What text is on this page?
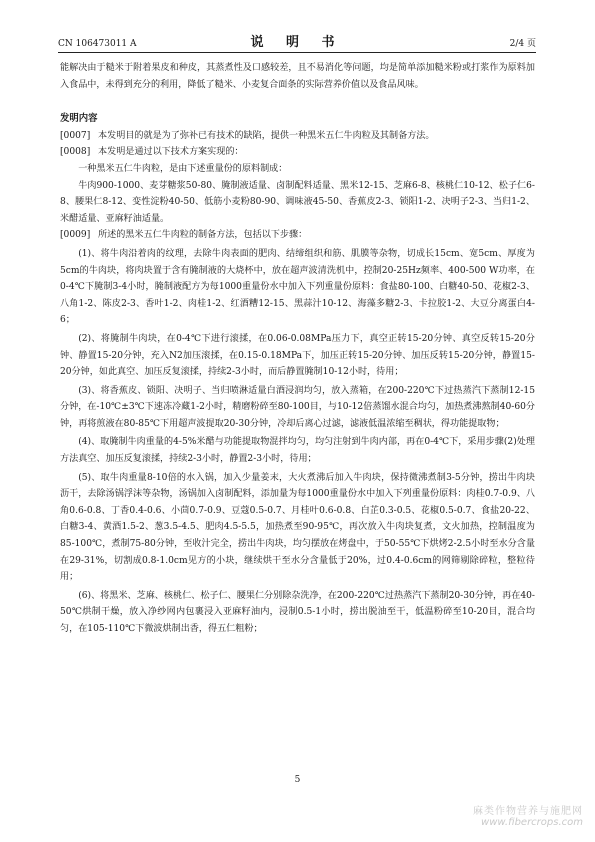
CN 106473011 A	说 明 书	2/4 页

能解决由于糙米于附着果皮和种皮，其蒸煮性及口感较差，且不易消化等问题，均是简单添加糙米粉或打浆作为原料加入食品中，未得到充分的利用，降低了糙米、小麦复合面条的实际营养价值以及食品风味。

发明内容

[0007] 本发明目的就是为了弥补已有技术的缺陷，提供一种黑米五仁牛肉粒及其制备方法。

[0008] 本发明是通过以下技术方案实现的：

一种黑米五仁牛肉粒，是由下述重量份的原料制成：

牛肉900-1000、麦芽糖浆50-80、腌制液适量、卤制配料适量、黑米12-15、芝麻6-8、核桃仁10-12、松子仁6-8、腰果仁8-12、变性淀粉40-50、低筋小麦粉80-90、调味液45-50、香蕉皮2-3、锁阳1-2、决明子2-3、当归1-2、米醋适量、亚麻籽油适量。

[0009] 所述的黑米五仁牛肉粒的制备方法，包括以下步骤：

(1)、将牛肉沿着肉的纹理，去除牛肉表面的肥肉、结缔组织和筋、肌膜等杂物，切成长15cm、宽5cm、厚度为5cm的牛肉块，将肉块置于含有腌制液的大烧杯中，放在超声波清洗机中，控制20-25Hz频率、400-500 W功率，在0-4℃下腌制3-4小时，腌制液配方为每1000重量份水中加入下列重量份原料：食盐80-100、白糖40-50、花椒2-3、八角1-2、陈皮2-3、香叶1-2、肉桂1-2、红酒糟12-15、黑蒜汁10-12、海藻多糖2-3、卡拉胶1-2、大豆分离蛋白4-6；

(2)、将腌制牛肉块，在0-4℃下进行滚揉，在0.06-0.08MPa压力下，真空正转15-20分钟、真空反转15-20分钟、静置15-20分钟，充入N2加压滚揉，在0.15-0.18MPa下，加压正转15-20分钟、加压反转15-20分钟，静置15-20分钟，如此真空、加压反复滚揉，持续2-3小时，而后静置腌制10-12小时，待用；

(3)、将香蕉皮、锁阳、决明子、当归喷淋适量白酒浸润均匀，放入蒸箱，在200-220℃下过热蒸汽下蒸制12-15分钟，在-10℃±3℃下速冻冷藏1-2小时，精磨粉碎至80-100目，与10-12倍蒸馏水混合均匀，加热煮沸熬制40-60分钟，再将煎液在80-85℃下用超声波提取20-30分钟，冷却后离心过滤，滤液低温浓缩至稠状，得功能提取物；

(4)、取腌制牛肉重量的4-5%米醋与功能提取物混拌均匀，均匀注射到牛肉内部，再在0-4℃下，采用步骤(2)处理方法真空、加压反复滚揉，持续2-3小时，静置2-3小时，待用；

(5)、取牛肉重量8-10倍的水入锅，加入少量姜末，大火煮沸后加入牛肉块，保持微沸煮制3-5分钟，捞出牛肉块沥干，去除汤锅浮沫等杂物，汤锅加入卤制配料，添加量为每1000重量份水中加入下列重量份原料：肉桂0.7-0.9、八角0.6-0.8、丁香0.4-0.6、小茴0.7-0.9、豆蔻0.5-0.7、月桂叶0.6-0.8、白芷0.3-0.5、花椒0.5-0.7、食盐20-22、白糖3-4、黄酒1.5-2、葱3.5-4.5、肥肉4.5-5.5，加热煮至90-95℃，再次放入牛肉块复煮，文火加热，控制温度为85-100℃，煮制75-80分钟，至收汁完全，捞出牛肉块，均匀摆放在烤盘中，于50-55℃下烘烤2-2.5小时至水分含量在29-31%，切割成0.8-1.0cm见方的小块，继续烘干至水分含量低于20%，过0.4-0.6cm的网筛剔除碎粒，整粒待用；

(6)、将黑米、芝麻、核桃仁、松子仁、腰果仁分别除杂洗净，在200-220℃过热蒸汽下蒸制20-30分钟，再在40-50℃烘制干燥，放入净纱网内包裹浸入亚麻籽油内，浸制0.5-1小时，捞出脱油至干，低温粉碎至10-20目，混合均匀，在105-110℃下微波烘制出香，得五仁粗粉；

5
麻类作物营养与施肥网
www.fibercrops.com
